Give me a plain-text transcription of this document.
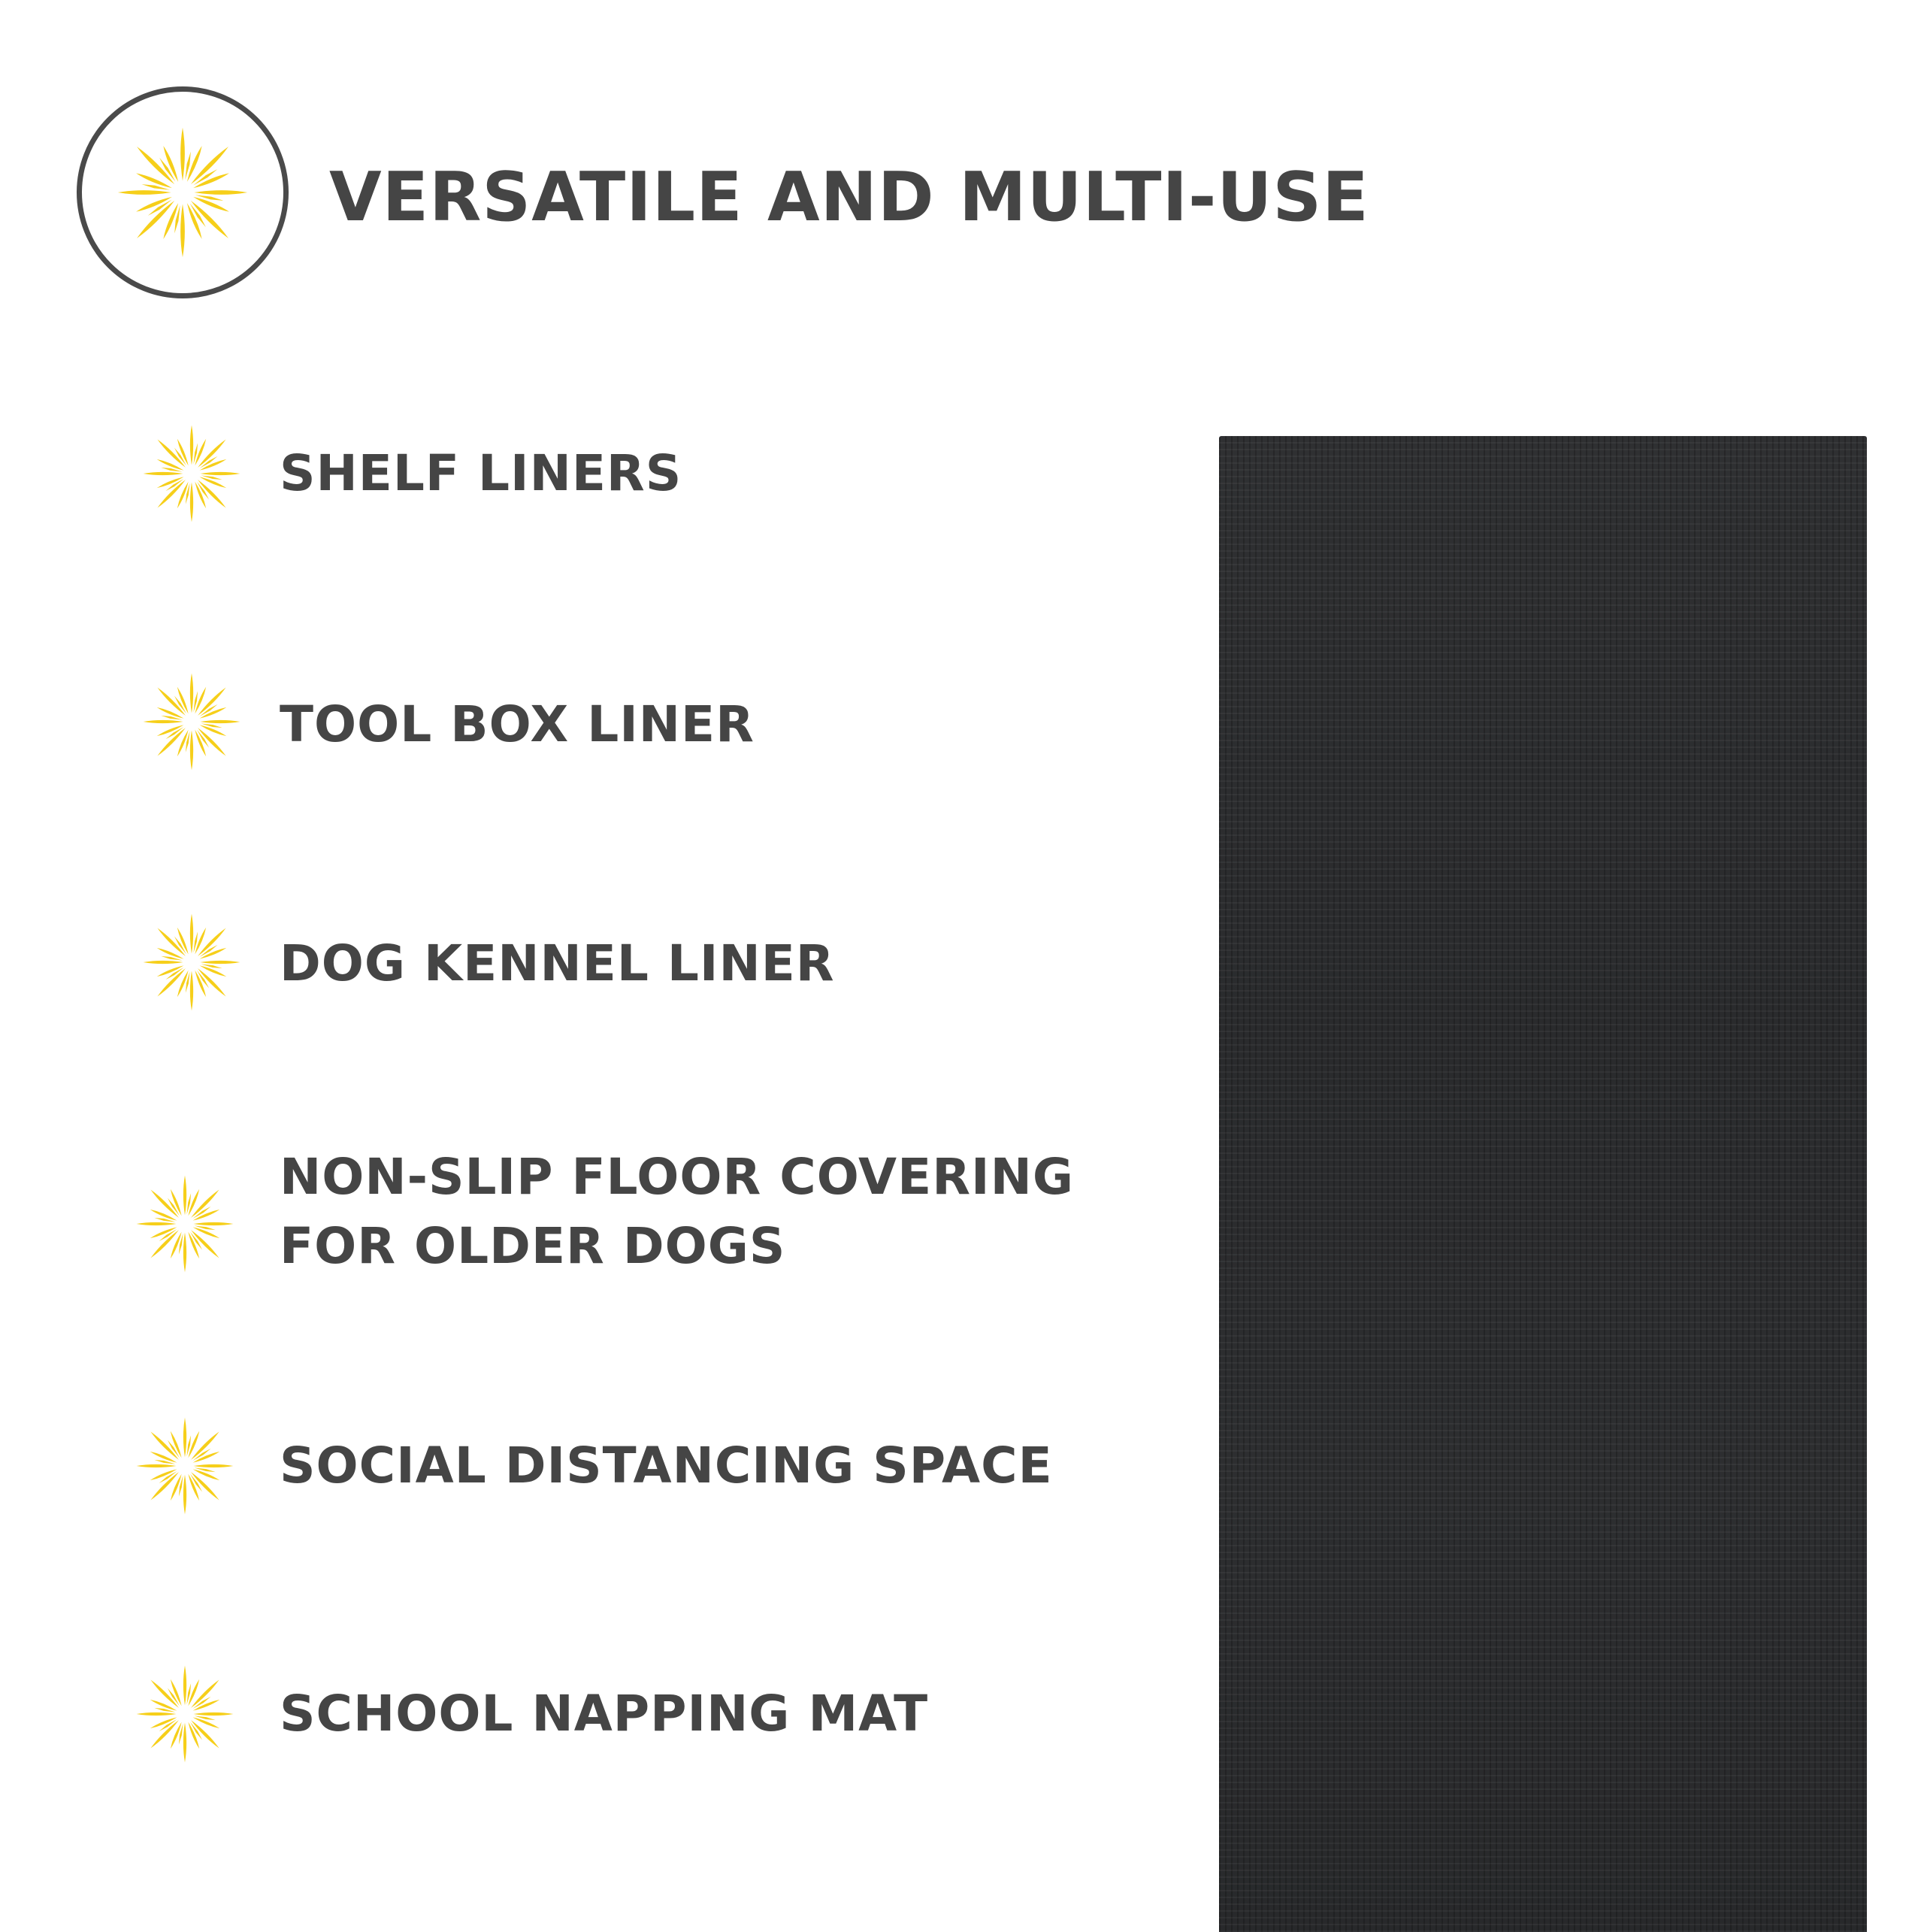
VERSATILE AND MULTI-USE
SHELF LINERS
TOOL BOX LINER
DOG KENNEL LINER
NON-SLIP FLOOR COVERING
FOR OLDER DOGS
SOCIAL DISTANCING SPACE
SCHOOL NAPPING MAT
